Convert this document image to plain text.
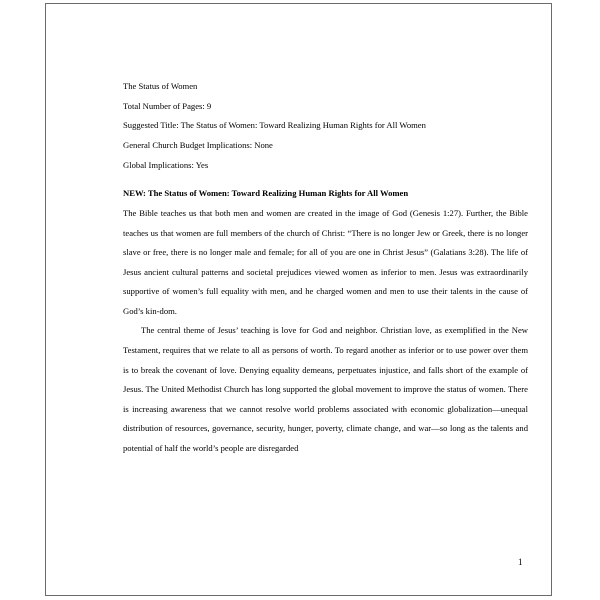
The Status of Women
Total Number of Pages: 9
Suggested Title: The Status of Women: Toward Realizing Human Rights for All Women
General Church Budget Implications: None
Global Implications: Yes
NEW: The Status of Women: Toward Realizing Human Rights for All Women

The Bible teaches us that both men and women are created in the image of God (Genesis 1:27). Further, the Bible teaches us that women are full members of the church of Christ: “There is no longer Jew or Greek, there is no longer slave or free, there is no longer male and female; for all of you are one in Christ Jesus” (Galatians 3:28). The life of Jesus ancient cultural patterns and societal prejudices viewed women as inferior to men. Jesus was extraordinarily supportive of women’s full equality with men, and he charged women and men to use their talents in the cause of God’s kin-dom.

The central theme of Jesus’ teaching is love for God and neighbor. Christian love, as exemplified in the New Testament, requires that we relate to all as persons of worth. To regard another as inferior or to use power over them is to break the covenant of love. Denying equality demeans, perpetuates injustice, and falls short of the example of Jesus. The United Methodist Church has long supported the global movement to improve the status of women. There is increasing awareness that we cannot resolve world problems associated with economic globalization—unequal distribution of resources, governance, security, hunger, poverty, climate change, and war—so long as the talents and potential of half the world’s people are disregarded

1
